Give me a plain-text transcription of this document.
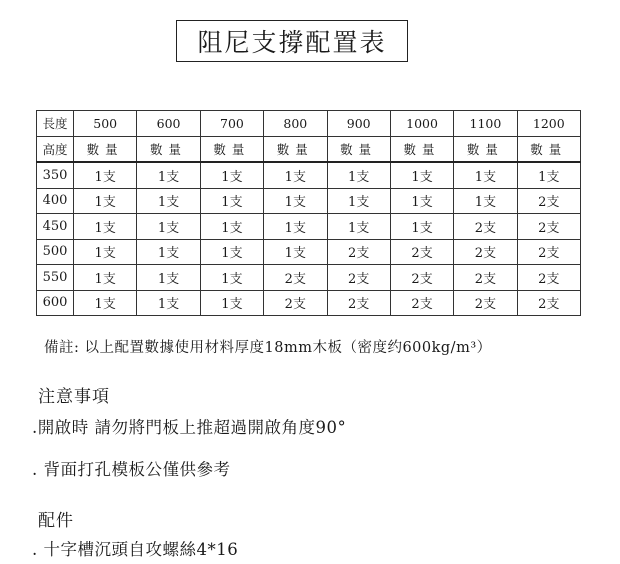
阻尼支撐配置表
長度	500	600	700	800	900	1000	1100	1200
高度	數量	數量	數量	數量	數量	數量	數量	數量
350	1支	1支	1支	1支	1支	1支	1支	1支
400	1支	1支	1支	1支	1支	1支	1支	2支
450	1支	1支	1支	1支	1支	1支	2支	2支
500	1支	1支	1支	1支	2支	2支	2支	2支
550	1支	1支	1支	2支	2支	2支	2支	2支
600	1支	1支	1支	2支	2支	2支	2支	2支
備註: 以上配置數據使用材料厚度18mm木板（密度约600kg/m³）
注意事項
.開啟時 請勿將門板上推超過開啟角度90°
. 背面打孔模板公僅供參考
配件
. 十字槽沉頭自攻螺絲4*16
